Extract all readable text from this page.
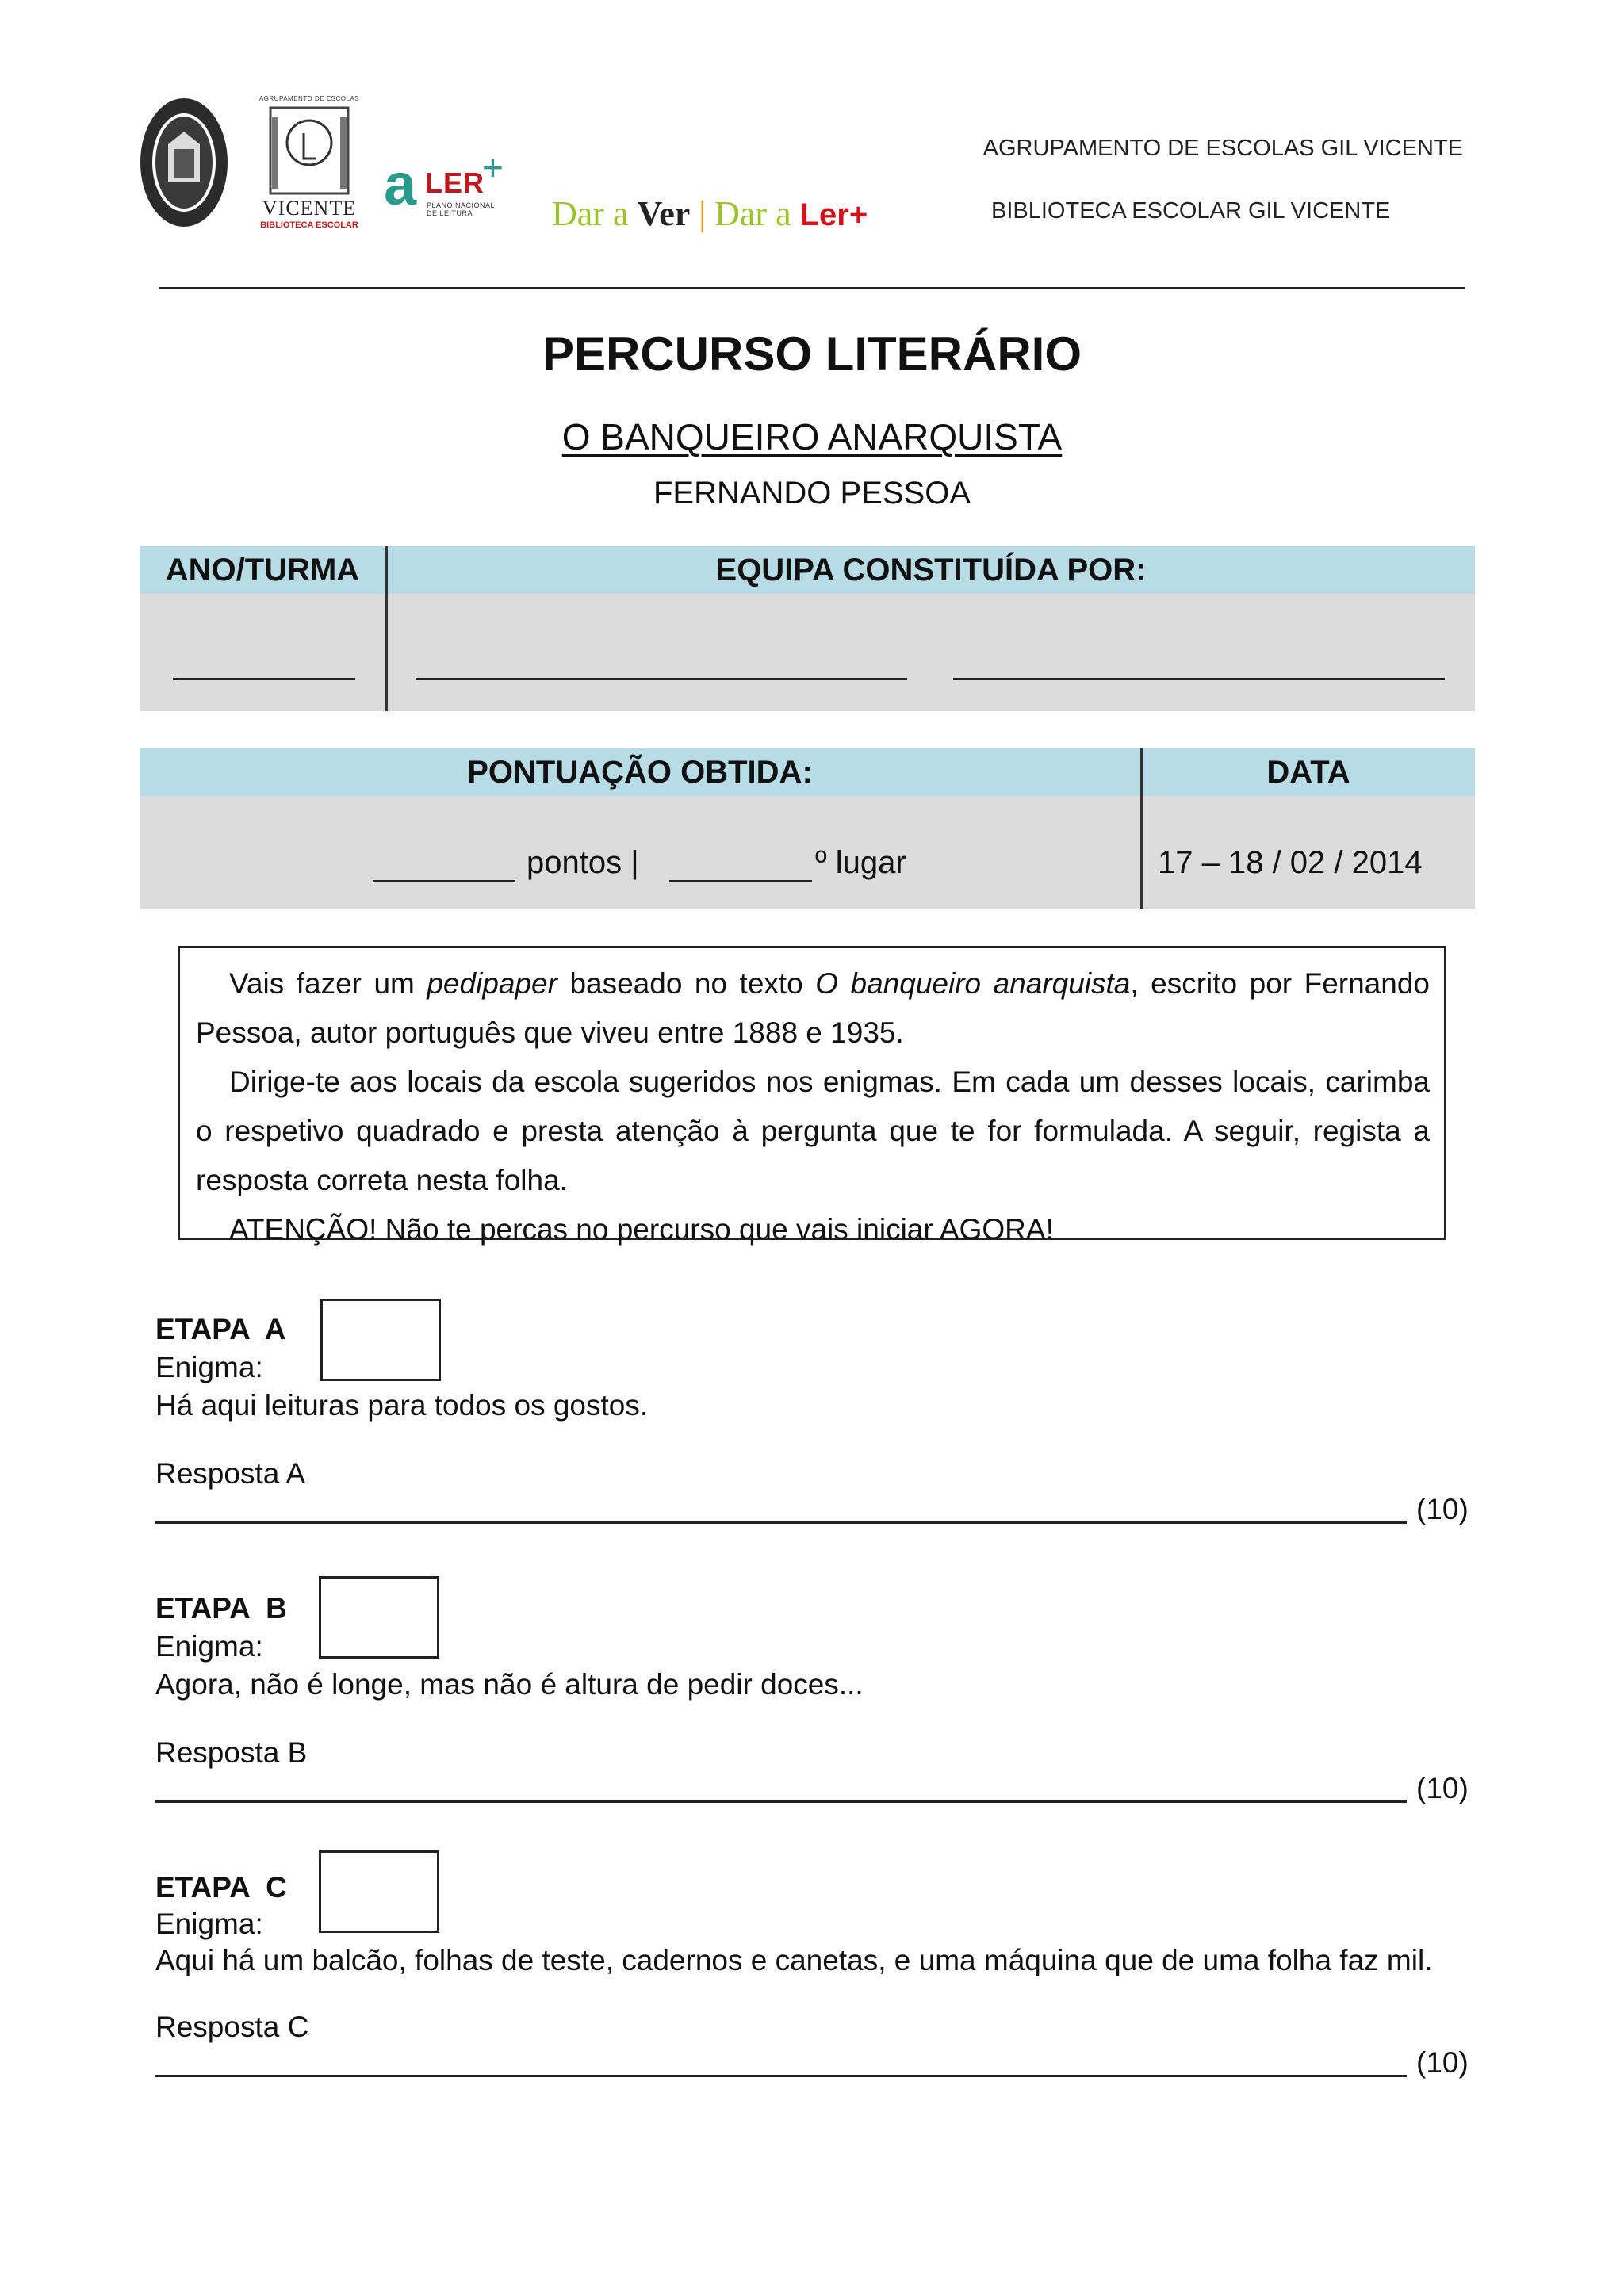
AGRUPAMENTO DE ESCOLAS
VICENTE
BIBLIOTECA ESCOLAR
a LER
+
PLANO NACIONAL
DE LEITURA	Dar a Ver | Dar a Ler+
AGRUPAMENTO DE ESCOLAS GIL VICENTE
BIBLIOTECA ESCOLAR GIL VICENTE
PERCURSO LITERÁRIO
O BANQUEIRO ANARQUISTA
FERNANDO PESSOA
ANO/TURMA	EQUIPA CONSTITUÍDA POR:
PONTUAÇÃO OBTIDA:	DATA
pontos |	º lugar	17 – 18 / 02 / 2014

Vais fazer um pedipaper baseado no texto O banqueiro anarquista, escrito por Fernando Pessoa, autor português que viveu entre 1888 e 1935.

Dirige-te aos locais da escola sugeridos nos enigmas. Em cada um desses locais, carimba o respetivo quadrado e presta atenção à pergunta que te for formulada. A seguir, regista a resposta correta nesta folha.

ATENÇÃO! Não te percas no percurso que vais iniciar AGORA!

ETAPA  A
Enigma:
Há aqui leituras para todos os gostos.
Resposta A
(10)
ETAPA  B
Enigma:
Agora, não é longe, mas não é altura de pedir doces...
Resposta B
(10)
ETAPA  C
Enigma:
Aqui há um balcão, folhas de teste, cadernos e canetas, e uma máquina que de uma folha faz mil.
Resposta C
(10)
